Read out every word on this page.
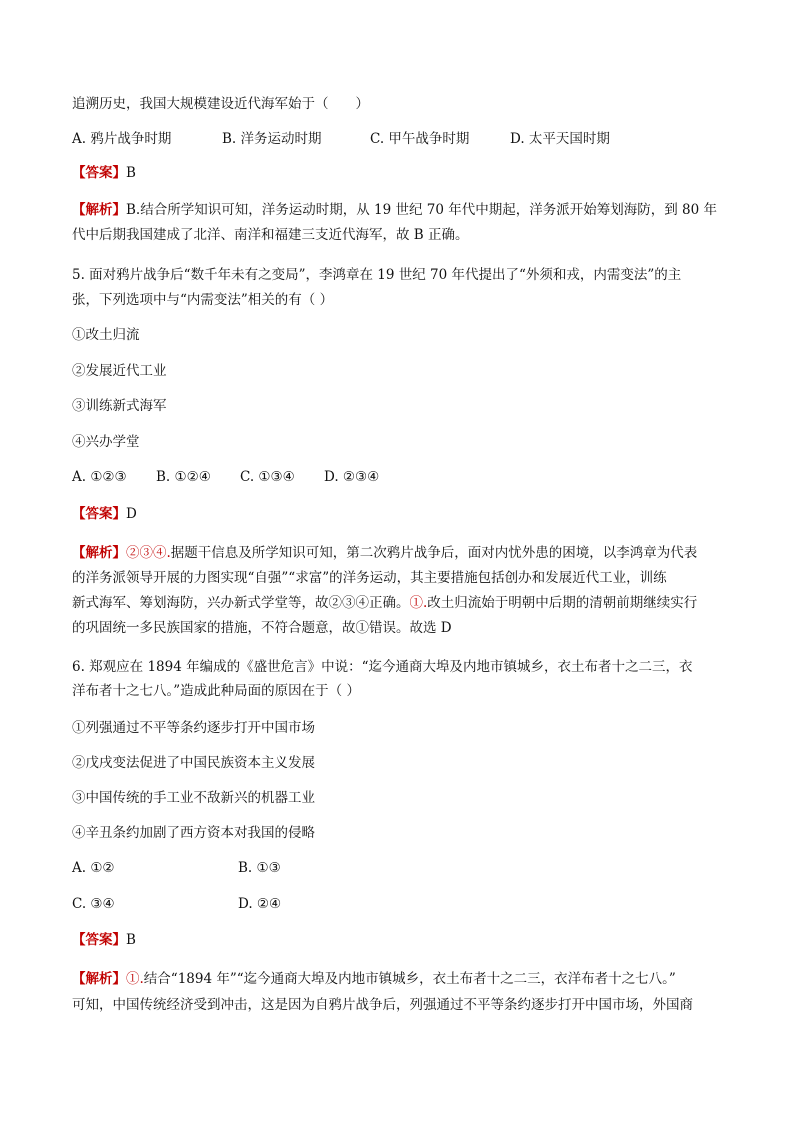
追溯历史，我国大规模建设近代海军始于（　　）
A. 鸦片战争时期	B. 洋务运动时期	C. 甲午战争时期	D. 太平天国时期
【答案】B
【解析】B.结合所学知识可知，洋务运动时期，从 19 世纪 70 年代中期起，洋务派开始筹划海防，到 80 年
代中后期我国建成了北洋、南洋和福建三支近代海军，故 B 正确。
5. 面对鸦片战争后“数千年未有之变局”，李鸿章在 19 世纪 70 年代提出了“外须和戎，内需变法”的主
张，下列选项中与“内需变法”相关的有（ ）
①改土归流
②发展近代工业
③训练新式海军
④兴办学堂
A. ①②③	B. ①②④	C. ①③④	D. ②③④
【答案】D
【解析】②③④.据题干信息及所学知识可知，第二次鸦片战争后，面对内忧外患的困境，以李鸿章为代表
的洋务派领导开展的力图实现“自强”“求富”的洋务运动，其主要措施包括创办和发展近代工业，训练
新式海军、筹划海防，兴办新式学堂等，故②③④正确。①.改土归流始于明朝中后期的清朝前期继续实行
的巩固统一多民族国家的措施，不符合题意，故①错误。故选 D
6. 郑观应在 1894 年编成的《盛世危言》中说：“迄今通商大埠及内地市镇城乡，衣土布者十之二三，衣
洋布者十之七八。”造成此种局面的原因在于（ ）
①列强通过不平等条约逐步打开中国市场
②戊戌变法促进了中国民族资本主义发展
③中国传统的手工业不敌新兴的机器工业
④辛丑条约加剧了西方资本对我国的侵略
A. ①②	B. ①③
C. ③④	D. ②④
【答案】B
【解析】①.结合“1894 年”“迄今通商大埠及内地市镇城乡，衣土布者十之二三，衣洋布者十之七八。”
可知，中国传统经济受到冲击，这是因为自鸦片战争后，列强通过不平等条约逐步打开中国市场，外国商
